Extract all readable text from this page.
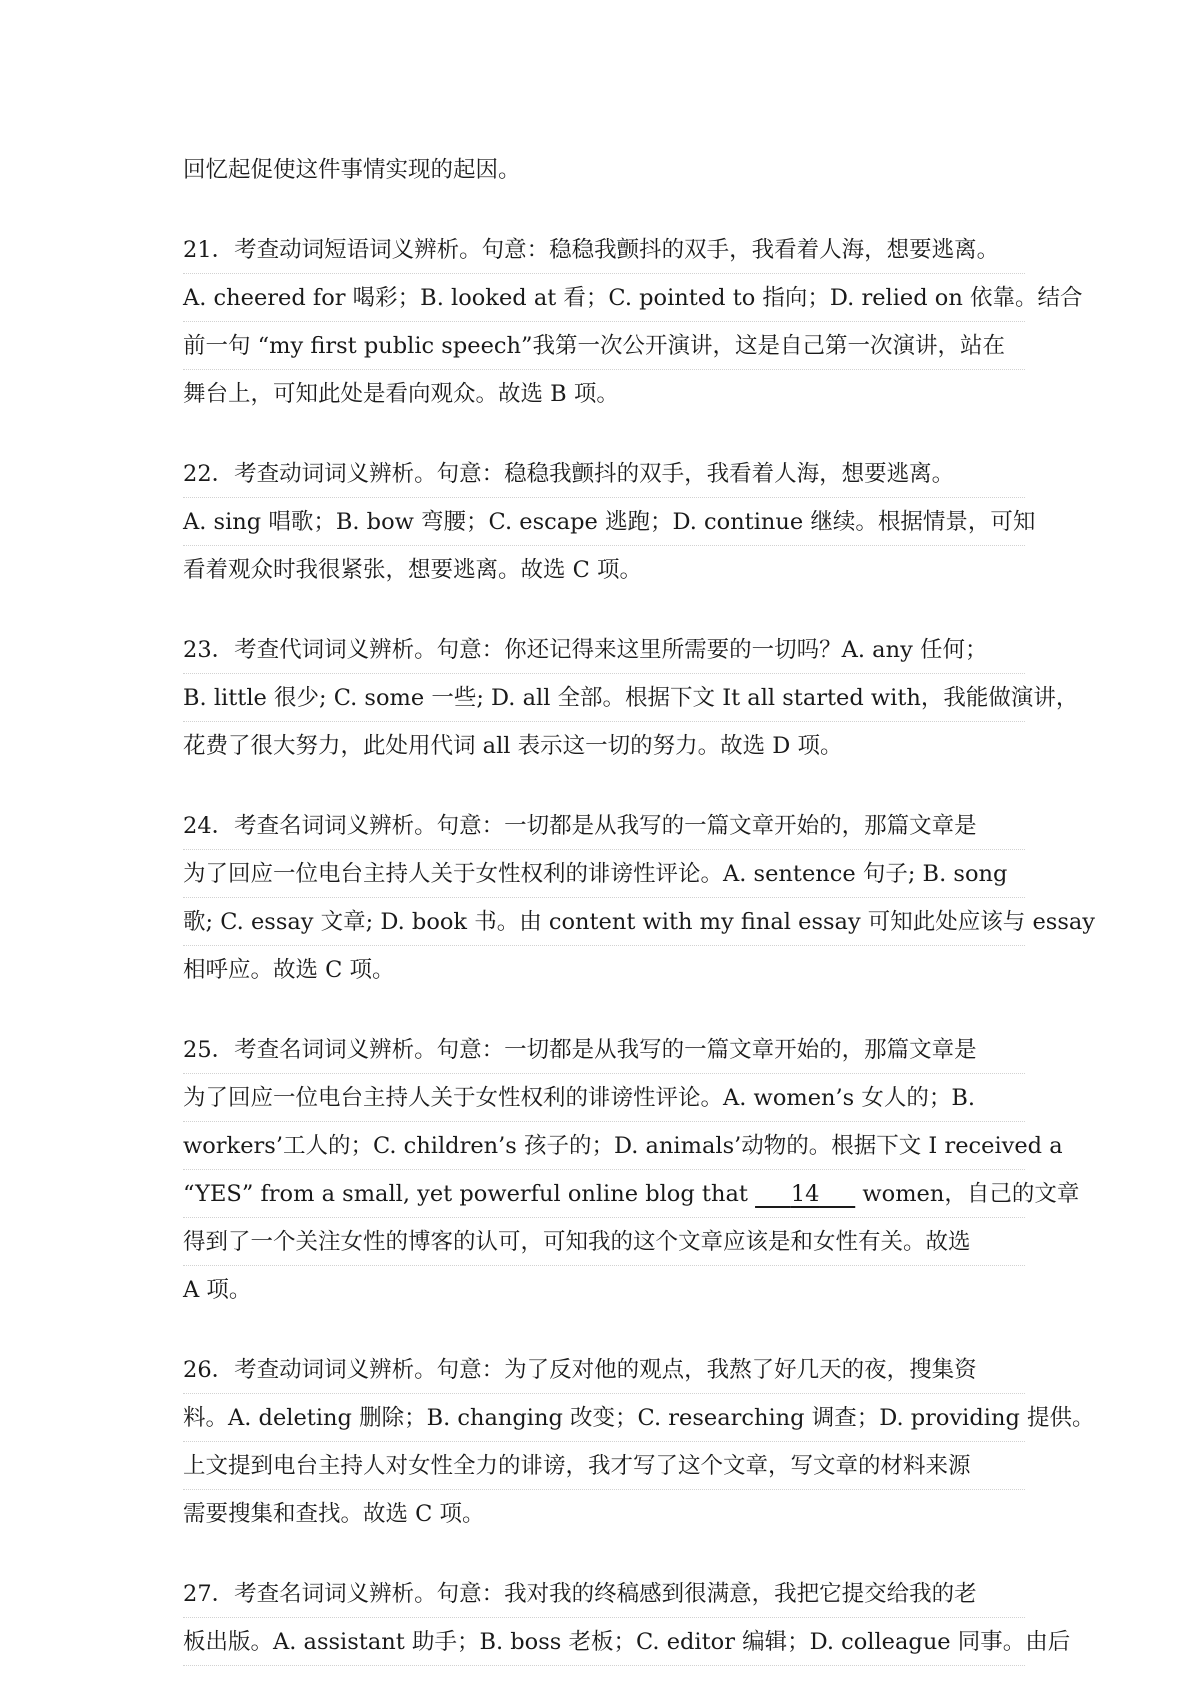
回忆起促使这件事情实现的起因。
21．考查动词短语词义辨析。句意：稳稳我颤抖的双手，我看着人海，想要逃离。
A. cheered for 喝彩；B. looked at 看；C. pointed to 指向；D. relied on 依靠。结合
前一句 “my first public speech”我第一次公开演讲，这是自己第一次演讲，站在
舞台上，可知此处是看向观众。故选 B 项。
22．考查动词词义辨析。句意：稳稳我颤抖的双手，我看着人海，想要逃离。
A. sing 唱歌；B. bow 弯腰；C. escape 逃跑；D. continue 继续。根据情景，可知
看着观众时我很紧张，想要逃离。故选 C 项。
23．考查代词词义辨析。句意：你还记得来这里所需要的一切吗？A. any 任何；
B. little 很少; C. some 一些; D. all 全部。根据下文 It all started with，我能做演讲，
花费了很大努力，此处用代词 all 表示这一切的努力。故选 D 项。
24．考查名词词义辨析。句意：一切都是从我写的一篇文章开始的，那篇文章是
为了回应一位电台主持人关于女性权利的诽谤性评论。A. sentence 句子; B. song
歌; C. essay 文章; D. book 书。由 content with my final essay 可知此处应该与 essay
相呼应。故选 C 项。
25．考查名词词义辨析。句意：一切都是从我写的一篇文章开始的，那篇文章是
为了回应一位电台主持人关于女性权利的诽谤性评论。A. women’s 女人的；B.
workers’工人的；C. children’s 孩子的；D. animals’动物的。根据下文 I received a
“YES” from a small, yet powerful online blog that      14      women，自己的文章
得到了一个关注女性的博客的认可，可知我的这个文章应该是和女性有关。故选
A 项。
26．考查动词词义辨析。句意：为了反对他的观点，我熬了好几天的夜，搜集资
料。A. deleting 删除；B. changing 改变；C. researching 调查；D. providing 提供。
上文提到电台主持人对女性全力的诽谤，我才写了这个文章，写文章的材料来源
需要搜集和查找。故选 C 项。
27．考查名词词义辨析。句意：我对我的终稿感到很满意，我把它提交给我的老
板出版。A. assistant 助手；B. boss 老板；C. editor 编辑；D. colleague 同事。由后
